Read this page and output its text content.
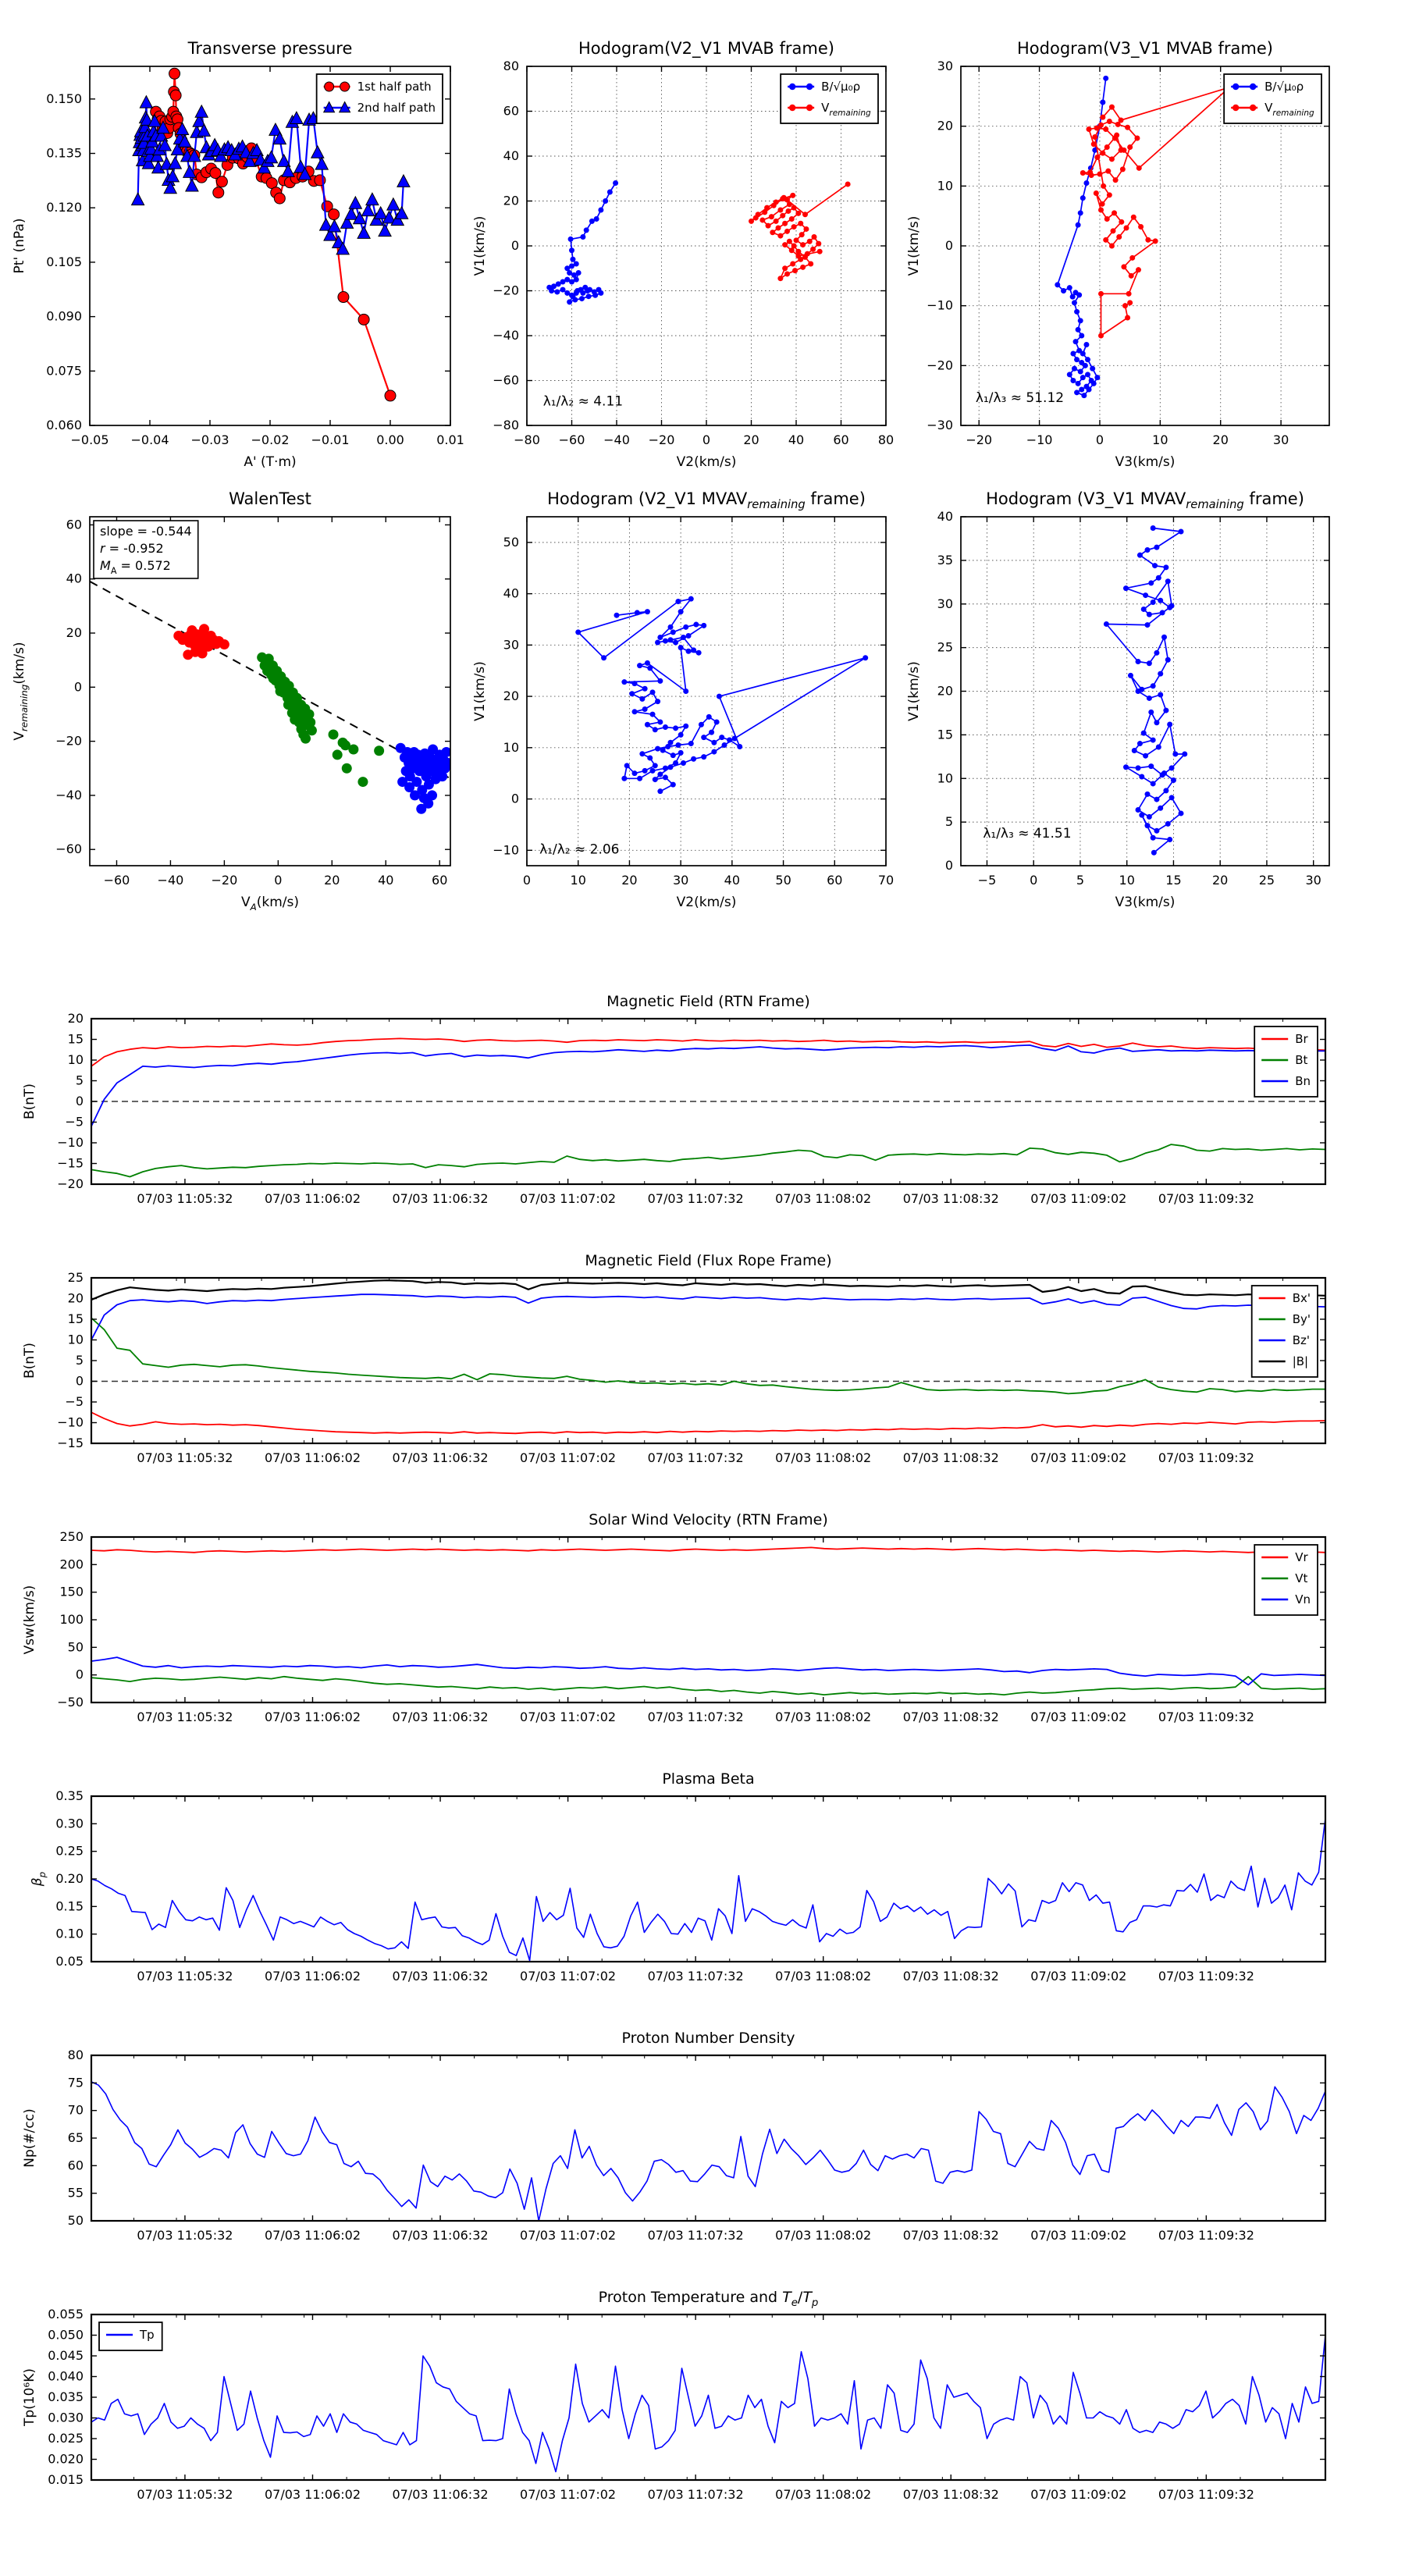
−0.05 −0.04 −0.03 −0.02 −0.01 0.00	0.01
0.060
0.075
0.090
0.105
0.120
0.135
0.150
Transverse pressure
A' (T·m)
Pt' (nPa)
1st half path
2nd half path
−80 −60 −40 −20 0	20 40 60 80
−80
−60
−40
−20
0
20
40
60
80
Hodogram(V2_V1 MVAB frame)
V2(km/s)
V1(km/s)
λ₁/λ₂ ≈ 4.11
B/√μ₀ρ
$V_{remaining}$
−20	−10	0	10	20	30
−30
−20
−10
0
10
20
30
Hodogram(V3_V1 MVAB frame)
V3(km/s)
V1(km/s)
λ₁/λ₃ ≈ 51.12
B/√μ₀ρ
$V_{remaining}$
−60 −40 −20	0	20	40	60
−60
−40
−20
0
20
40
60
WalenTest
$V_A(km/s)$
$V_{remaining}(km/s)$
slope = -0.544
r = -0.952
$M_A = 0.572$
0	10	20	30	40	50	60	70
−10
0
10
20
30
40
50
Hodogram (V2_V1 $MVAV_{remaining}$ frame)
V2(km/s)
V1(km/s)
λ₁/λ₂ ≈ 2.06
−5	0	5	10 15 20 25 30
0
5
10
15
20
25
30
35
40
Hodogram (V3_V1 $MVAV_{remaining}$ frame)
V3(km/s)
V1(km/s)
λ₁/λ₃ ≈ 41.51
07/03 11:05:32	07/03 11:06:02	07/03 11:06:32	07/03 11:07:02	07/03 11:07:32	07/03 11:08:02	07/03 11:08:32	07/03 11:09:02	07/03 11:09:32
−20
−15
−10
−5
0
5
10
15
20
Magnetic Field (RTN Frame)
B(nT)
Br
Bt
Bn
07/03 11:05:32	07/03 11:06:02	07/03 11:06:32	07/03 11:07:02	07/03 11:07:32	07/03 11:08:02	07/03 11:08:32	07/03 11:09:02	07/03 11:09:32
−15
−10
−5
0
5
10
15
20
25
Magnetic Field (Flux Rope Frame)
B(nT)
Bx'
By'
Bz'
|B|
07/03 11:05:32	07/03 11:06:02	07/03 11:06:32	07/03 11:07:02	07/03 11:07:32	07/03 11:08:02	07/03 11:08:32	07/03 11:09:02	07/03 11:09:32
−50
0
50
100
150
200
250
Solar Wind Velocity (RTN Frame)
Vsw(km/s)
Vr
Vt
Vn
07/03 11:05:32	07/03 11:06:02	07/03 11:06:32	07/03 11:07:02	07/03 11:07:32	07/03 11:08:02	07/03 11:08:32	07/03 11:09:02	07/03 11:09:32
0.05
0.10
0.15
0.20
0.25
0.30
0.35
Plasma Beta
$\beta_p$
07/03 11:05:32	07/03 11:06:02	07/03 11:06:32	07/03 11:07:02	07/03 11:07:32	07/03 11:08:02	07/03 11:08:32	07/03 11:09:02	07/03 11:09:32
50
55
60
65
70
75
80
Proton Number Density
Np(#/cc)
07/03 11:05:32	07/03 11:06:02	07/03 11:06:32	07/03 11:07:02	07/03 11:07:32	07/03 11:08:02	07/03 11:08:32	07/03 11:09:02	07/03 11:09:32
0.015
0.020
0.025
0.030
0.035
0.040
0.045
0.050
0.055
Proton Temperature and $T_e/T_p$
Tp(10⁶K)
Tp
